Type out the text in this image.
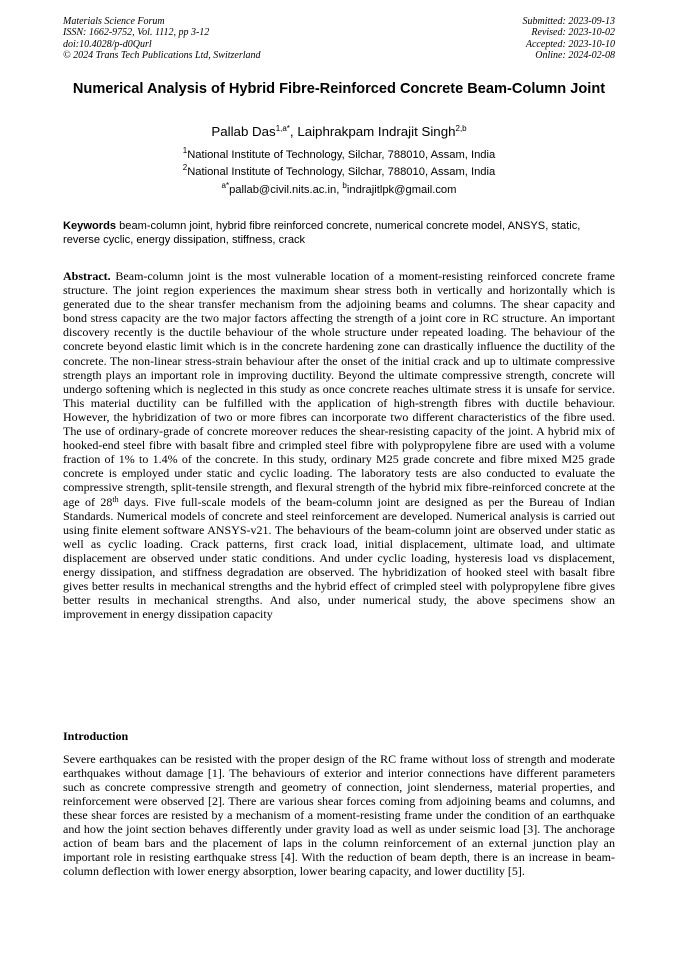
Materials Science Forum
ISSN: 1662-9752, Vol. 1112, pp 3-12
doi:10.4028/p-d0Qurl
© 2024 Trans Tech Publications Ltd, Switzerland
Submitted: 2023-09-13
Revised: 2023-10-02
Accepted: 2023-10-10
Online: 2024-02-08
Numerical Analysis of Hybrid Fibre-Reinforced Concrete Beam-Column Joint
Pallab Das$^{1,a*}$, Laiphrakpam Indrajit Singh$^{2,b}$
$^1$National Institute of Technology, Silchar, 788010, Assam, India
$^2$National Institute of Technology, Silchar, 788010, Assam, India
$^{a*}$pallab@civil.nits.ac.in, $^b$indrajitlpk@gmail.com
Keywords beam-column joint, hybrid fibre reinforced concrete, numerical concrete model, ANSYS, static, reverse cyclic, energy dissipation, stiffness, crack

Abstract. Beam-column joint is the most vulnerable location of a moment-resisting reinforced concrete frame structure. The joint region experiences the maximum shear stress both in vertically and horizontally which is generated due to the shear transfer mechanism from the adjoining beams and columns. The shear capacity and bond stress capacity are the two major factors affecting the strength of a joint core in RC structure. An important discovery recently is the ductile behaviour of the whole structure under repeated loading. The behaviour of the concrete beyond elastic limit which is in the concrete hardening zone can drastically influence the ductility of the concrete. The non-linear stress-strain behaviour after the onset of the initial crack and up to ultimate compressive strength plays an important role in improving ductility. Beyond the ultimate compressive strength, concrete will undergo softening which is neglected in this study as once concrete reaches ultimate stress it is unsafe for service. This material ductility can be fulfilled with the application of high-strength fibres with ductile behaviour. However, the hybridization of two or more fibres can incorporate two different characteristics of the fibre used. The use of ordinary-grade of concrete moreover reduces the shear-resisting capacity of the joint. A hybrid mix of hooked-end steel fibre with basalt fibre and crimpled steel fibre with polypropylene fibre are used with a volume fraction of 1% to 1.4% of the concrete. In this study, ordinary M25 grade concrete and fibre mixed M25 grade concrete is employed under static and cyclic loading. The laboratory tests are also conducted to evaluate the compressive strength, split-tensile strength, and flexural strength of the hybrid mix fibre-reinforced concrete at the age of 28th days. Five full-scale models of the beam-column joint are designed as per the Bureau of Indian Standards. Numerical models of concrete and steel reinforcement are developed. Numerical analysis is carried out using finite element software ANSYS-v21. The behaviours of the beam-column joint are observed under static as well as cyclic loading. Crack patterns, first crack load, initial displacement, ultimate load, and ultimate displacement are observed under static conditions. And under cyclic loading, hysteresis load vs displacement, energy dissipation, and stiffness degradation are observed. The hybridization of hooked steel with basalt fibre gives better results in mechanical strengths and the hybrid effect of crimpled steel with polypropylene fibre gives better results in mechanical strengths. And also, under numerical study, the above specimens show an improvement in energy dissipation capacity

Introduction

Severe earthquakes can be resisted with the proper design of the RC frame without loss of strength and moderate earthquakes without damage [1]. The behaviours of exterior and interior connections have different parameters such as concrete compressive strength and geometry of connection, joint slenderness, material properties, and reinforcement were observed [2]. There are various shear forces coming from adjoining beams and columns, and these shear forces are resisted by a mechanism of a moment-resisting frame under the condition of an earthquake and how the joint section behaves differently under gravity load as well as under seismic load [3]. The anchorage action of beam bars and the placement of laps in the column reinforcement of an external junction play an important role in resisting earthquake stress [4]. With the reduction of beam depth, there is an increase in beam-column deflection with lower energy absorption, lower bearing capacity, and lower ductility [5].
